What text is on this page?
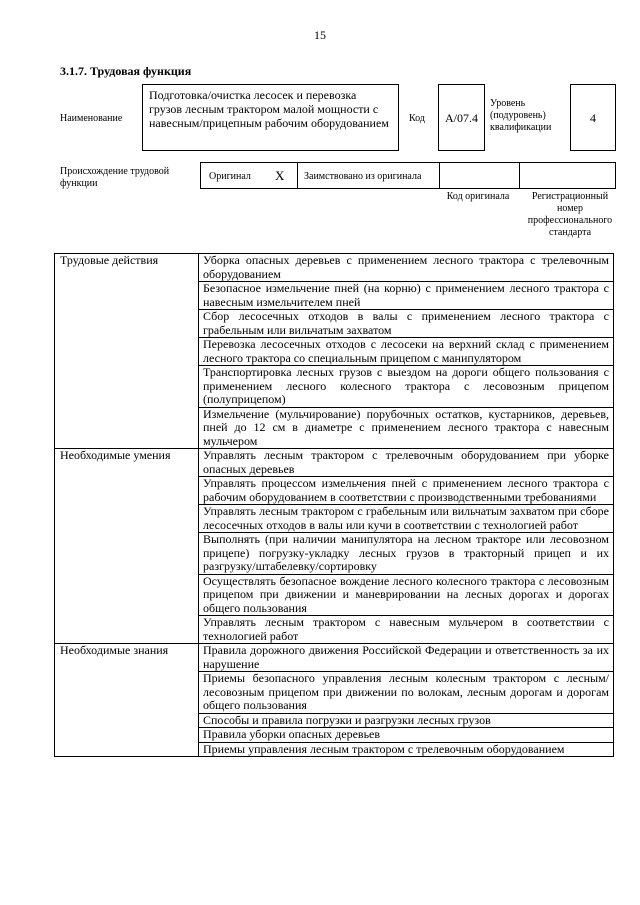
15
3.1.7. Трудовая функция
Наименование
Подготовка/очистка лесосек и перевозка грузов лесным трактором малой мощности с навесным/прицепным рабочим оборудованием	Код А/07.4
Уровень (подуровень) квалификации
4
Происхождение трудовой функции
Оригинал Х Заимствовано из оригинала
Код оригинала	Регистрационный номер профессионального стандарта
Трудовые действия	Уборка опасных деревьев с применением лесного трактора с трелевочным оборудованием
	Безопасное измельчение пней (на корню) с применением лесного трактора с навесным измельчителем пней
	Сбор лесосечных отходов в валы с применением лесного трактора с грабельным или вильчатым захватом
	Перевозка лесосечных отходов с лесосеки на верхний склад с применением лесного трактора со специальным прицепом с манипулятором
	Транспортировка лесных грузов с выездом на дороги общего пользования с применением лесного колесного трактора с лесовозным прицепом (полуприцепом)
	Измельчение (мульчирование) порубочных остатков, кустарников, деревьев, пней до 12 см в диаметре с применением лесного трактора с навесным мульчером
Необходимые умения	Управлять лесным трактором с трелевочным оборудованием при уборке опасных деревьев
	Управлять процессом измельчения пней с применением лесного трактора с рабочим оборудованием в соответствии с производственными требованиями
	Управлять лесным трактором с грабельным или вильчатым захватом при сборе лесосечных отходов в валы или кучи в соответствии с технологией работ
	Выполнять (при наличии манипулятора на лесном тракторе или лесовозном прицепе) погрузку-укладку лесных грузов в тракторный прицеп и их разгрузку/штабелевку/сортировку
	Осуществлять безопасное вождение лесного колесного трактора с лесовозным прицепом при движении и маневрировании на лесных дорогах и дорогах общего пользования
	Управлять лесным трактором с навесным мульчером в соответствии с технологией работ
Необходимые знания	Правила дорожного движения Российской Федерации и ответственность за их нарушение
	Приемы безопасного управления лесным колесным трактором с лесным/лесовозным прицепом при движении по волокам, лесным дорогам и дорогам общего пользования
	Способы и правила погрузки и разгрузки лесных грузов
	Правила уборки опасных деревьев
	Приемы управления лесным трактором с трелевочным оборудованием
